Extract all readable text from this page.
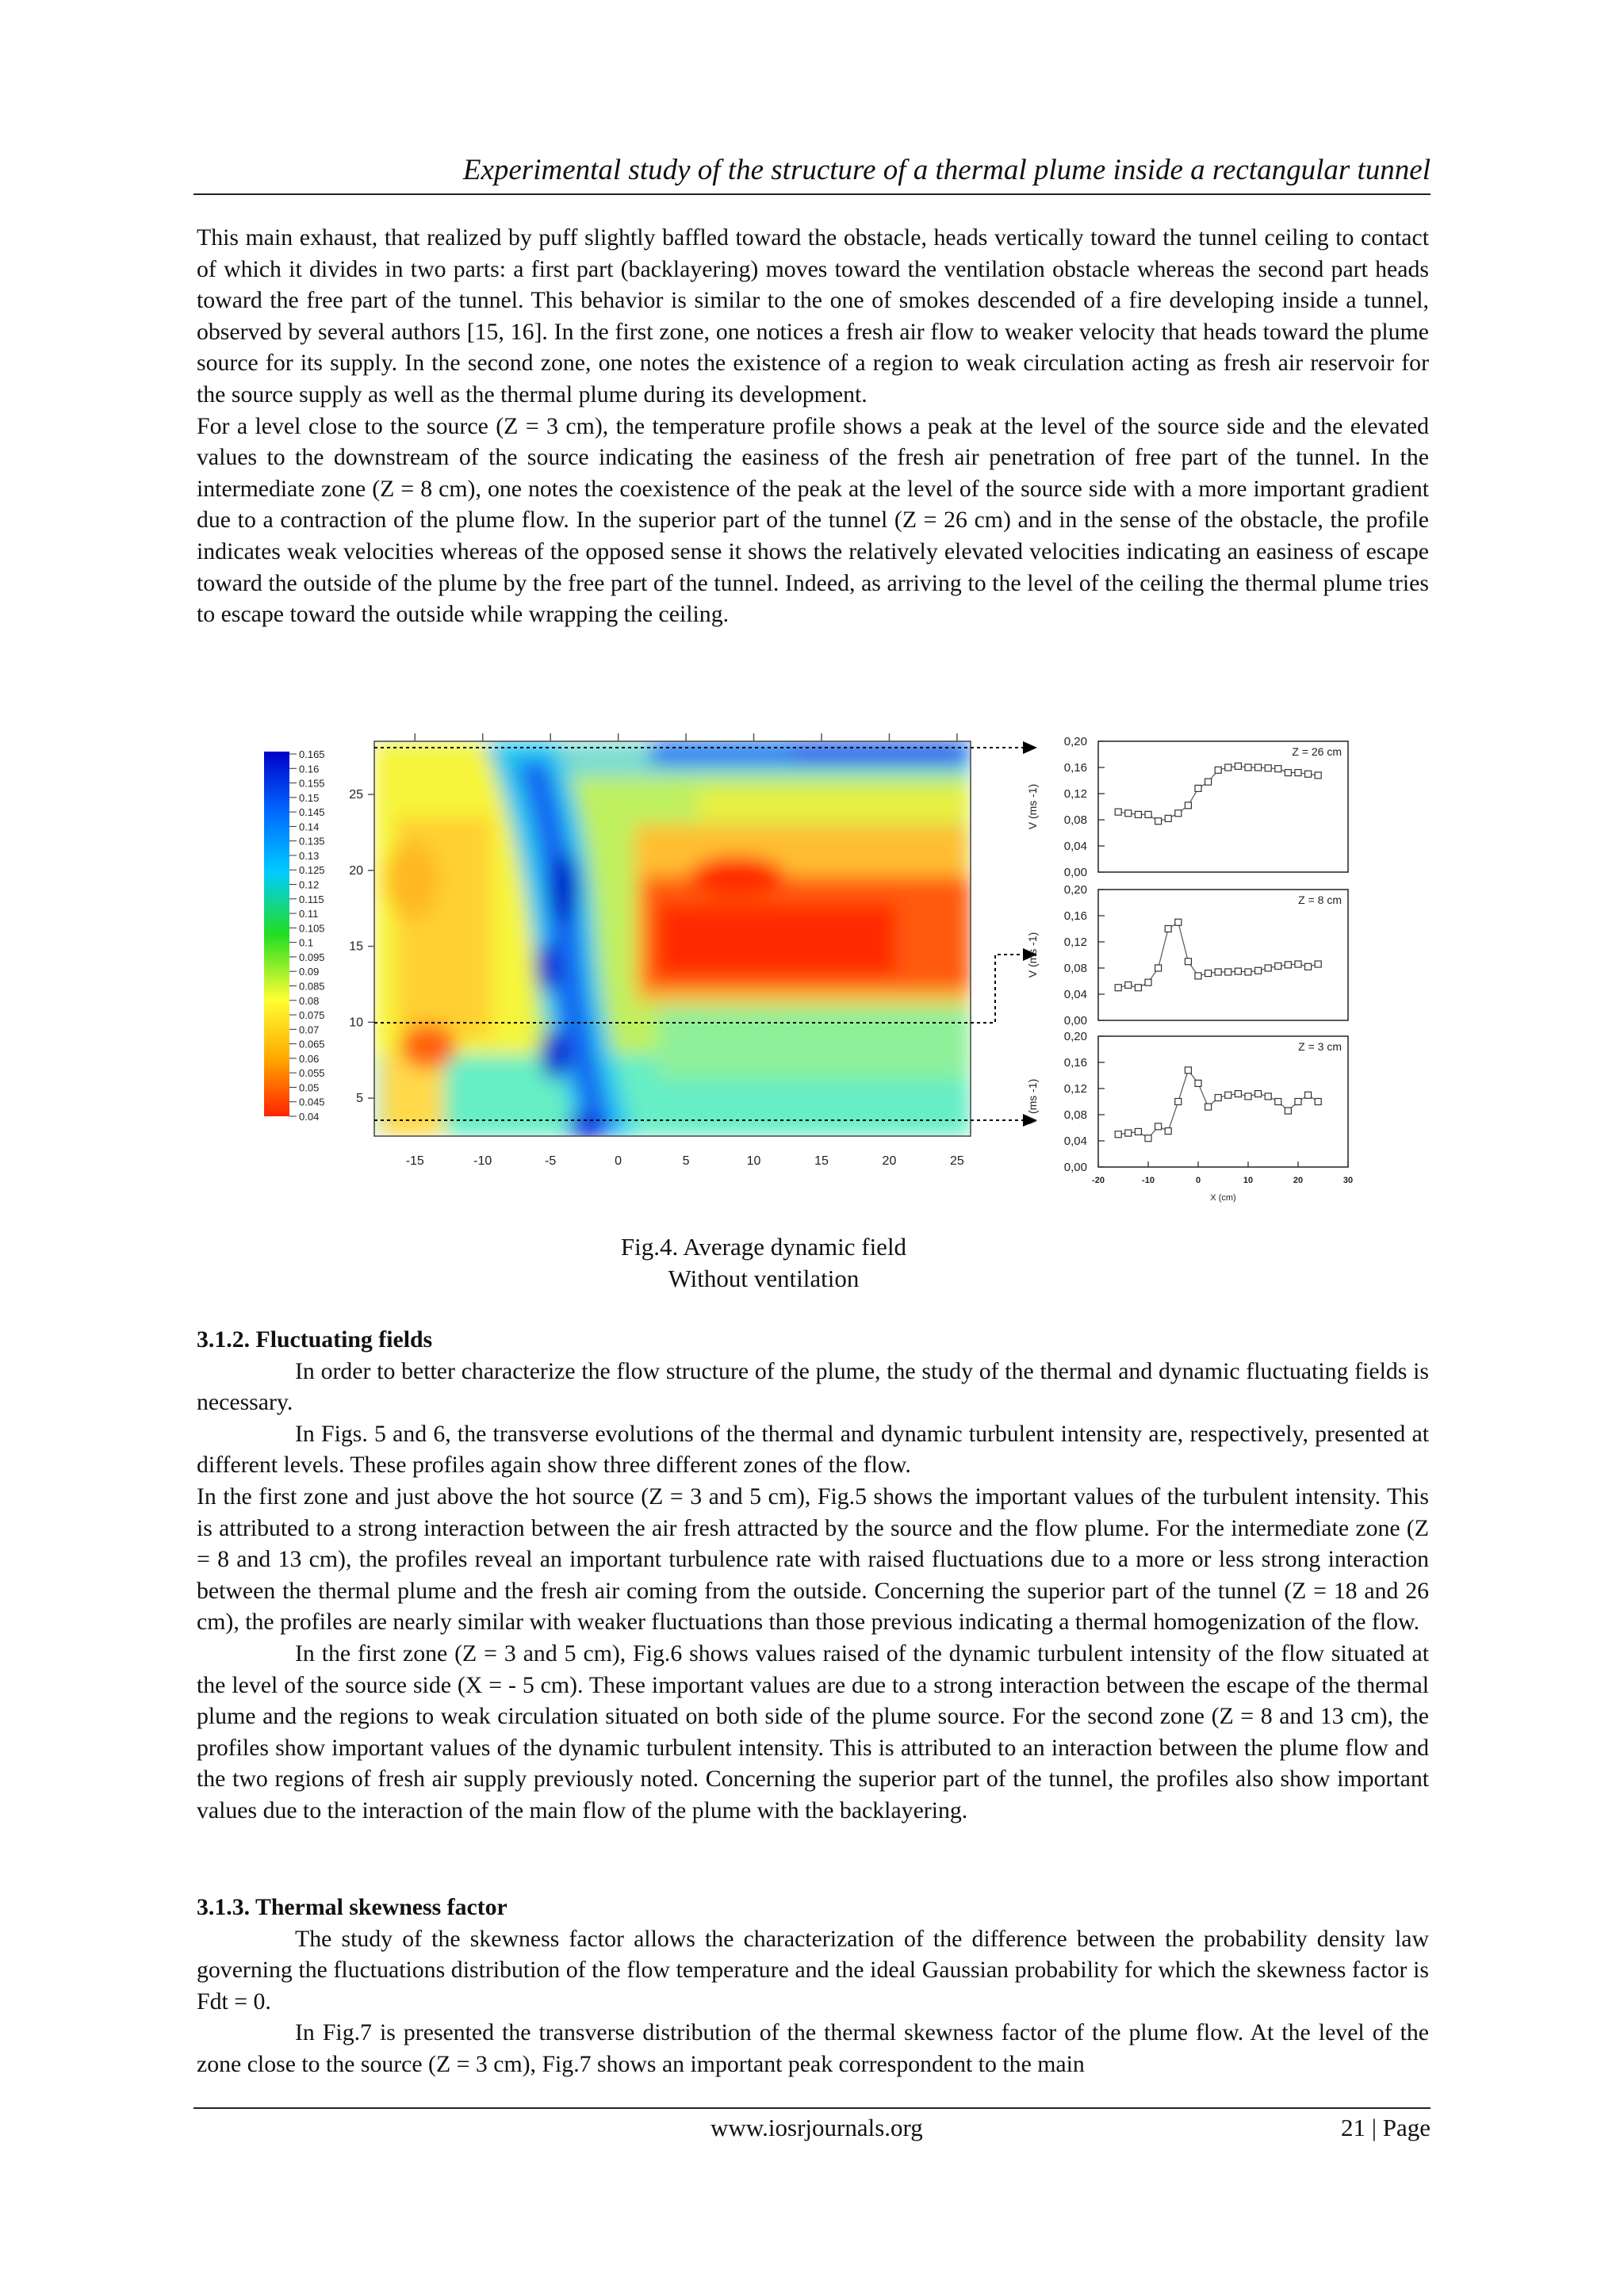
Experimental study of the structure of a thermal plume inside a rectangular tunnel

This main exhaust, that realized by puff slightly baffled toward the obstacle, heads vertically toward the tunnel ceiling to contact of which it divides in two parts: a first part (backlayering) moves toward the ventilation obstacle whereas the second part heads toward the free part of the tunnel. This behavior is similar to the one of smokes descended of a fire developing inside a tunnel, observed by several authors [15, 16]. In the first zone, one notices a fresh air flow to weaker velocity that heads toward the plume source for its supply. In the second zone, one notes the existence of a region to weak circulation acting as fresh air reservoir for the source supply as well as the thermal plume during its development.

For a level close to the source (Z = 3 cm), the temperature profile shows a peak at the level of the source side and the elevated values to the downstream of the source indicating the easiness of the fresh air penetration of free part of the tunnel. In the intermediate zone (Z = 8 cm), one notes the coexistence of the peak at the level of the source side with a more important gradient due to a contraction of the plume flow. In the superior part of the tunnel (Z = 26 cm) and in the sense of the obstacle, the profile indicates weak velocities whereas of the opposed sense it shows the relatively elevated velocities indicating an easiness of escape toward the outside of the plume by the free part of the tunnel. Indeed, as arriving to the level of the ceiling the thermal plume tries to escape toward the outside while wrapping the ceiling.

-15	-10	-5	0	5	10	15	20	25
5
10
15
20
25
0.165
0.16
0.155
0.15
0.145
0.14
0.135
0.13
0.125
0.12
0.115
0.11
0.105
0.1
0.095
0.09
0.085
0.08
0.075
0.07
0.065
0.06
0.055
0.05
0.045
0.04
0,00
0,04
0,08
0,12
0,16
0,20
V (ms -1)
Z = 26 cm
0,00
0,04
0,08
0,12
0,16
0,20
V (ms -1)
Z = 8 cm
0,00
0,04
0,08
0,12
0,16
0,20
V (ms -1)
Z = 3 cm
-20	-10	0	10	20	30
X (cm)
Fig.4. Average dynamic field
Without ventilation

3.1.2. Fluctuating fields

In order to better characterize the flow structure of the plume, the study of the thermal and dynamic fluctuating fields is necessary.

In Figs. 5 and 6, the transverse evolutions of the thermal and dynamic turbulent intensity are, respectively, presented at different levels. These profiles again show three different zones of the flow.

In the first zone and just above the hot source (Z = 3 and 5 cm), Fig.5 shows the important values of the turbulent intensity. This is attributed to a strong interaction between the air fresh attracted by the source and the flow plume. For the intermediate zone (Z = 8 and 13 cm), the profiles reveal an important turbulence rate with raised fluctuations due to a more or less strong interaction between the thermal plume and the fresh air coming from the outside. Concerning the superior part of the tunnel (Z = 18 and 26 cm), the profiles are nearly similar with weaker fluctuations than those previous indicating a thermal homogenization of the flow.

In the first zone (Z = 3 and 5 cm), Fig.6 shows values raised of the dynamic turbulent intensity of the flow situated at the level of the source side (X = - 5 cm). These important values are due to a strong interaction between the escape of the thermal plume and the regions to weak circulation situated on both side of the plume source. For the second zone (Z = 8 and 13 cm), the profiles show important values of the dynamic turbulent intensity. This is attributed to an interaction between the plume flow and the two regions of fresh air supply previously noted. Concerning the superior part of the tunnel, the profiles also show important values due to the interaction of the main flow of the plume with the backlayering.

3.1.3. Thermal skewness factor

The study of the skewness factor allows the characterization of the difference between the probability density law governing the fluctuations distribution of the flow temperature and the ideal Gaussian probability for which the skewness factor is Fdt = 0.

In Fig.7 is presented the transverse distribution of the thermal skewness factor of the plume flow. At the level of the zone close to the source (Z = 3 cm), Fig.7 shows an important peak correspondent to the main

www.iosrjournals.org	21 | Page
